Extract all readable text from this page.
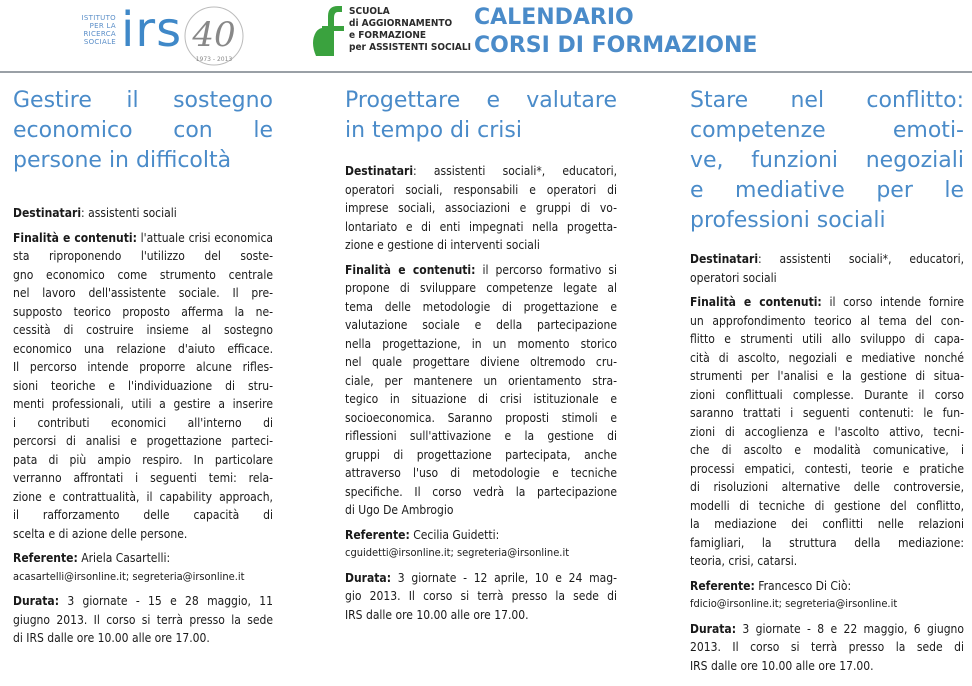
ISTITUTO
PER LA
RICERCA
SOCIALE irs 40
1973 - 2013
SCUOLA
di AGGIORNAMENTO
e FORMAZIONE
per ASSISTENTI SOCIALI
CALENDARIO
CORSI DI FORMAZIONE
Gestire il sostegno
economico con le
persone in difficoltà

Destinatari: assistenti sociali

Finalità e contenuti: l'attuale crisi economica
sta riproponendo l'utilizzo del soste-
gno economico come strumento centrale
nel lavoro dell'assistente sociale. Il pre-
supposto teorico proposto afferma la ne-
cessità di costruire insieme al sostegno
economico una relazione d'aiuto efficace.
Il percorso intende proporre alcune rifles-
sioni teoriche e l'individuazione di stru-
menti professionali, utili a gestire a inserire
i contributi economici all'interno di
percorsi di analisi e progettazione parteci-
pata di più ampio respiro. In particolare
verranno affrontati i seguenti temi: rela-
zione e contrattualità, il capability approach,
il rafforzamento delle capacità di
scelta e di azione delle persone.

Referente: Ariela Casartelli:
acasartelli@irsonline.it; segreteria@irsonline.it

Durata: 3 giornate - 15 e 28 maggio, 11
giugno 2013. Il corso si terrà presso la sede
di IRS dalle ore 10.00 alle ore 17.00.

Progettare e valutare
in tempo di crisi

Destinatari: assistenti sociali*, educatori,
operatori sociali, responsabili e operatori di
imprese sociali, associazioni e gruppi di vo-
lontariato e di enti impegnati nella progetta-
zione e gestione di interventi sociali

Finalità e contenuti: il percorso formativo si
propone di sviluppare competenze legate al
tema delle metodologie di progettazione e
valutazione sociale e della partecipazione
nella progettazione, in un momento storico
nel quale progettare diviene oltremodo cru-
ciale, per mantenere un orientamento stra-
tegico in situazione di crisi istituzionale e
socioeconomica. Saranno proposti stimoli e
riflessioni sull'attivazione e la gestione di
gruppi di progettazione partecipata, anche
attraverso l'uso di metodologie e tecniche
specifiche. Il corso vedrà la partecipazione
di Ugo De Ambrogio

Referente: Cecilia Guidetti:
cguidetti@irsonline.it; segreteria@irsonline.it

Durata: 3 giornate - 12 aprile, 10 e 24 mag-
gio 2013. Il corso si terrà presso la sede di
IRS dalle ore 10.00 alle ore 17.00.

Stare nel conflitto:
competenze emoti-
ve, funzioni negoziali
e mediative per le
professioni sociali

Destinatari: assistenti sociali*, educatori,
operatori sociali

Finalità e contenuti: il corso intende fornire
un approfondimento teorico al tema del con-
flitto e strumenti utili allo sviluppo di capa-
cità di ascolto, negoziali e mediative nonché
strumenti per l'analisi e la gestione di situa-
zioni conflittuali complesse. Durante il corso
saranno trattati i seguenti contenuti: le fun-
zioni di accoglienza e l'ascolto attivo, tecni-
che di ascolto e modalità comunicative, i
processi empatici, contesti, teorie e pratiche
di risoluzioni alternative delle controversie,
modelli di tecniche di gestione del conflitto,
la mediazione dei conflitti nelle relazioni
famigliari, la struttura della mediazione:
teoria, crisi, catarsi.

Referente: Francesco Di Ciò:
fdicio@irsonline.it; segreteria@irsonline.it

Durata: 3 giornate - 8 e 22 maggio, 6 giugno
2013. Il corso si terrà presso la sede di
IRS dalle ore 10.00 alle ore 17.00.
